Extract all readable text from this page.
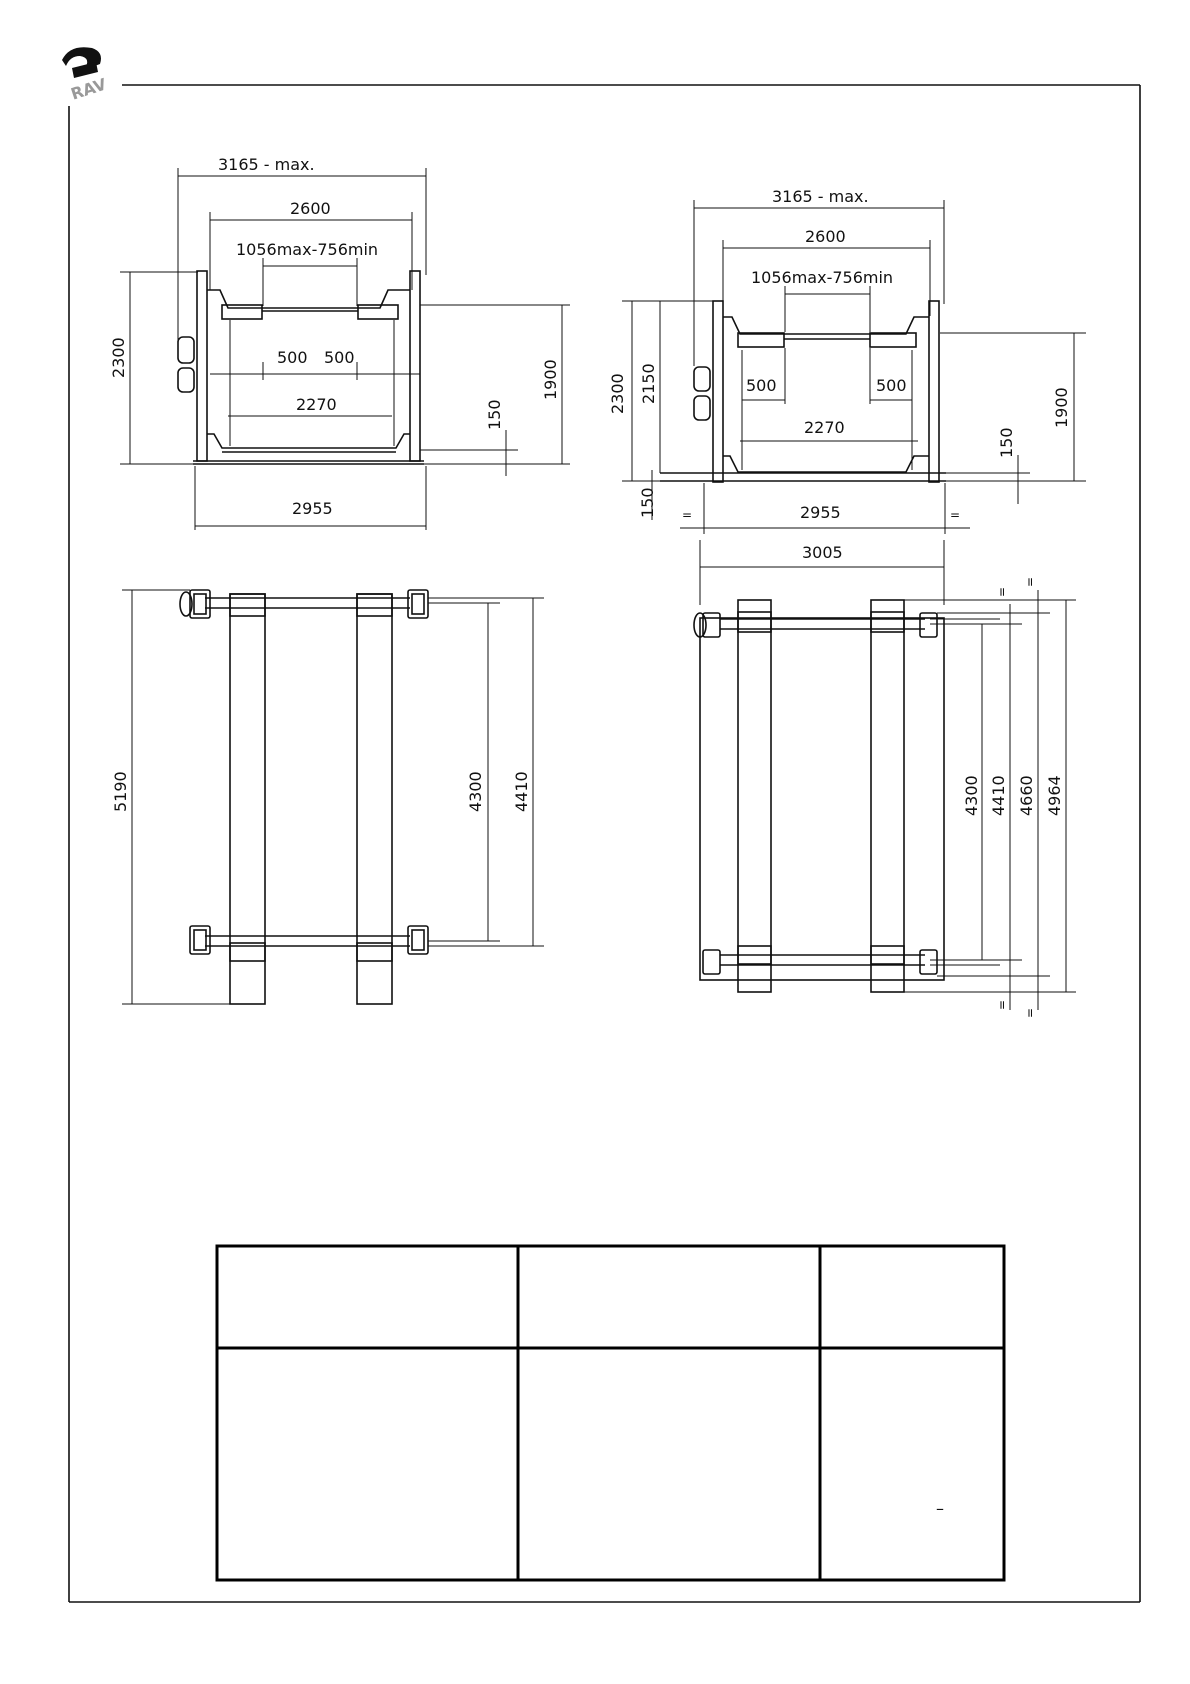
RAV
3165 - max.
2600
1056max-756min
500 500
2270
2300
1900
150
2955
3165 - max.
2600
1056max-756min
500	500
2270
2300 2150
150
1900
150
2955
=	=
3005
5190	4300 4410	4300 4410 4660 4964
=
=
=
=
–
